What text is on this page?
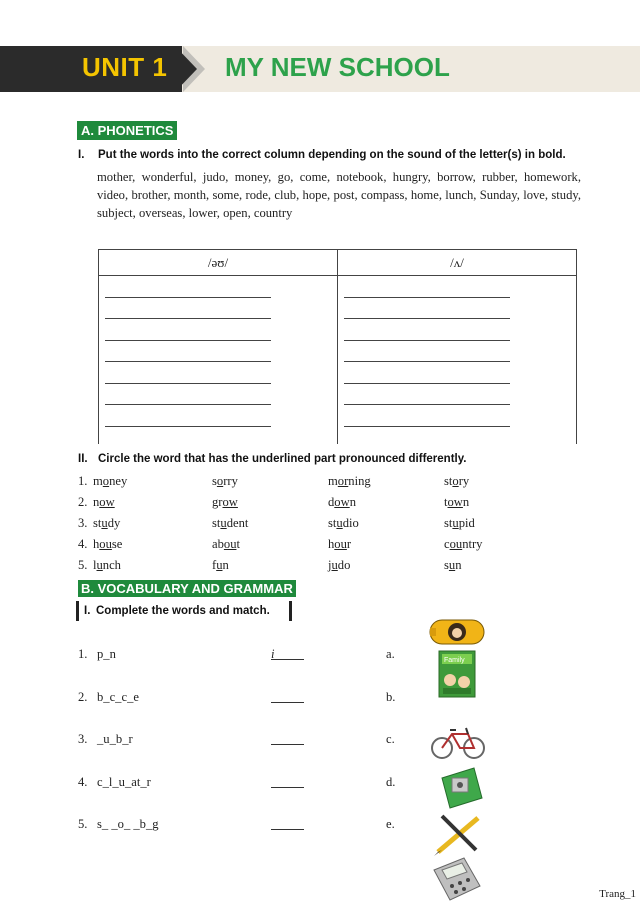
UNIT 1 MY NEW SCHOOL
A. PHONETICS
I. Put the words into the correct column depending on the sound of the letter(s) in bold.
mother, wonderful, judo, money, go, come, notebook, hungry, borrow, rubber, homework, video, brother, month, some, rode, club, hope, post, compass, home, lunch, Sunday, love, study, subject, overseas, lower, open, country
/əʊ/	/ʌ/

II. Circle the word that has the underlined part pronounced differently.
1. money	sorry	morning	story
2. now	grow	down	town
3. study	student	studio	stupid
4. house	about	hour	country
5. lunch	fun	judo	sun
B. VOCABULARY AND GRAMMAR
I. Complete the words and match.
1. p_n	i	a.
2. b_c_c_e	b.
3. _u_b_r	c.
4. c_l_u_at_r	d.
5. s_ _o_ _b_g	e.
Family
Trang_1
